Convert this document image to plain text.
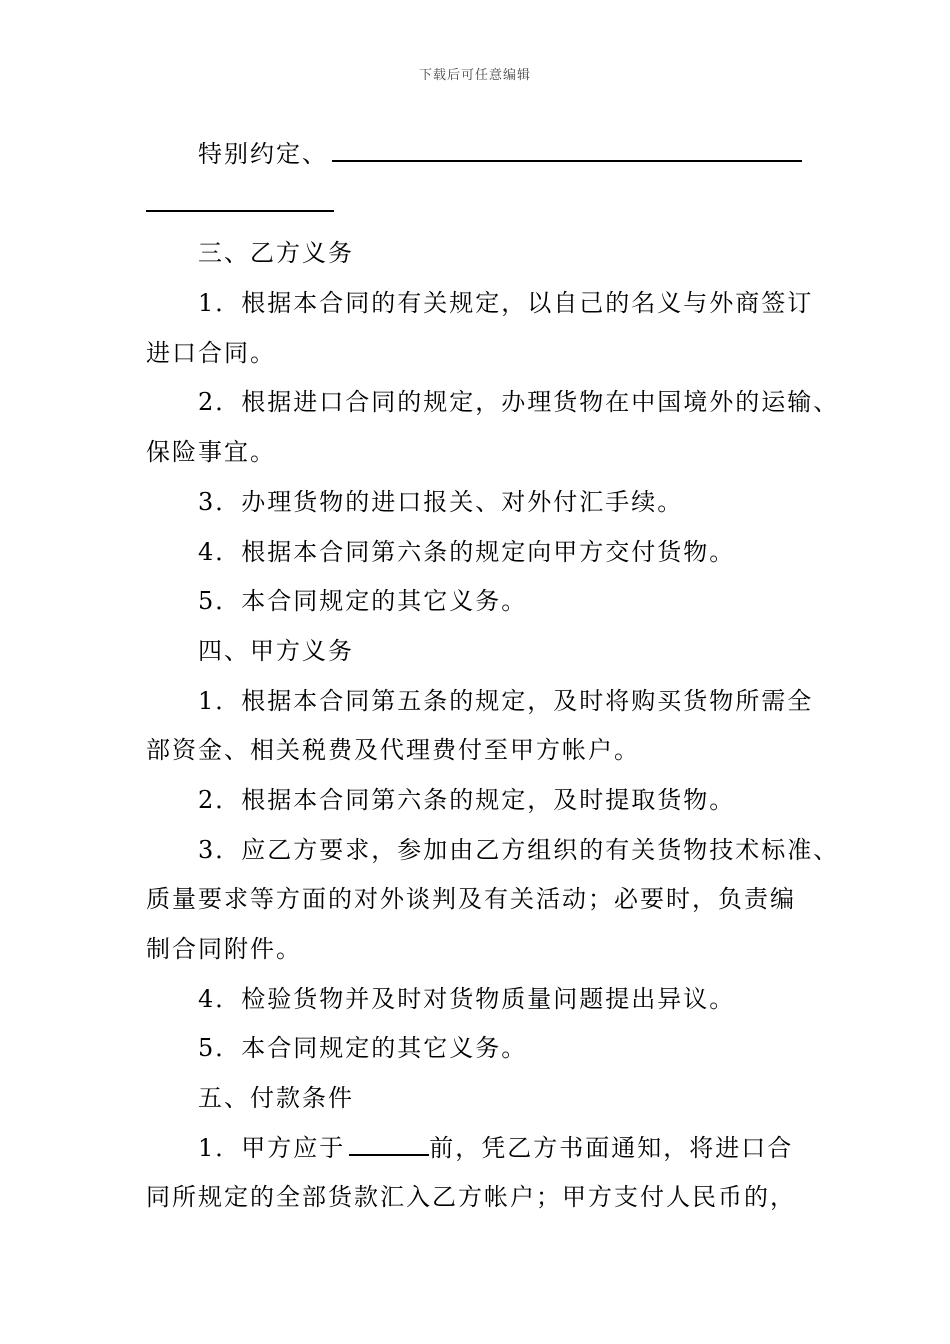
下载后可任意编辑
特别约定、
三、乙方义务
1．根据本合同的有关规定，以自己的名义与外商签订
进口合同。
2．根据进口合同的规定，办理货物在中国境外的运输、
保险事宜。
3．办理货物的进口报关、对外付汇手续。
4．根据本合同第六条的规定向甲方交付货物。
5．本合同规定的其它义务。
四、甲方义务
1．根据本合同第五条的规定，及时将购买货物所需全
部资金、相关税费及代理费付至甲方帐户。
2．根据本合同第六条的规定，及时提取货物。
3．应乙方要求，参加由乙方组织的有关货物技术标准、
质量要求等方面的对外谈判及有关活动；必要时，负责编
制合同附件。
4．检验货物并及时对货物质量问题提出异议。
5．本合同规定的其它义务。
五、付款条件
1．甲方应于	前，凭乙方书面通知，将进口合
同所规定的全部货款汇入乙方帐户；甲方支付人民币的，
